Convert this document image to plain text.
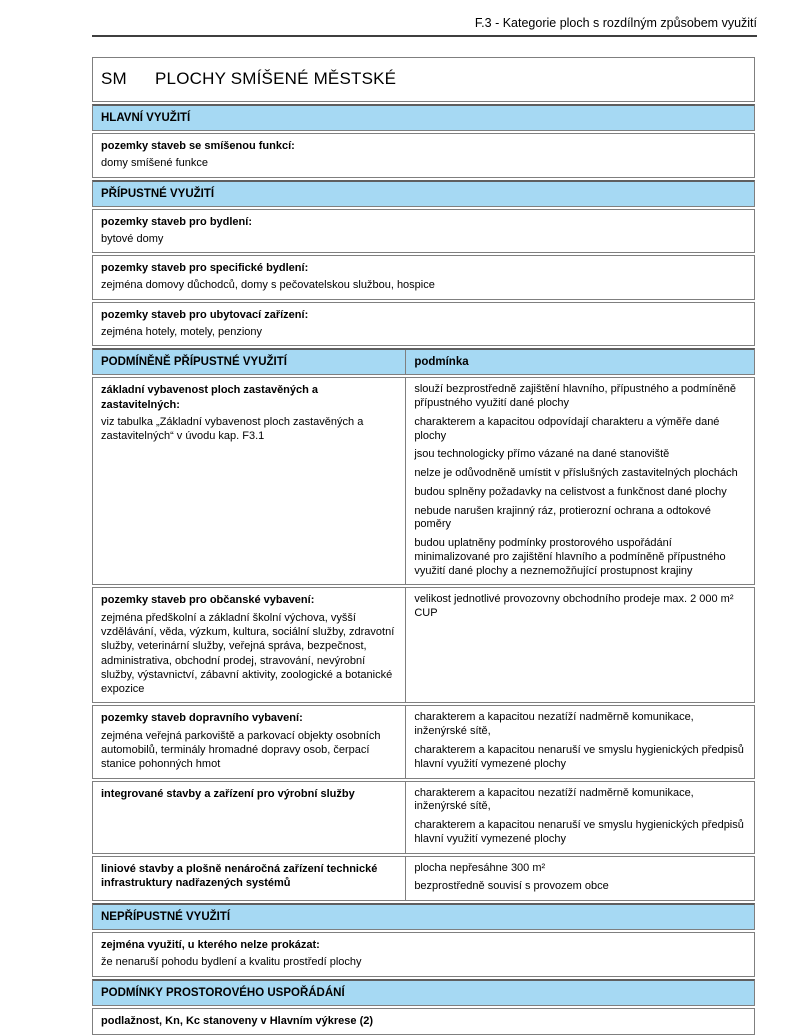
F.3 - Kategorie ploch s rozdílným způsobem využití
SM PLOCHY SMÍŠENÉ MĚSTSKÉ
HLAVNÍ VYUŽITÍ
pozemky staveb se smíšenou funkcí:
domy smíšené funkce
PŘÍPUSTNÉ VYUŽITÍ
pozemky staveb pro bydlení:
bytové domy
pozemky staveb pro specifické bydlení:
zejména domovy důchodců, domy s pečovatelskou službou, hospice
pozemky staveb pro ubytovací zařízení:
zejména hotely, motely, penziony
PODMÍNĚNĚ PŘÍPUSTNÉ VYUŽITÍ	podmínka
základní vybavenost ploch zastavěných a zastavitelných:
viz tabulka „Základní vybavenost ploch zastavěných a zastavitelných“ v úvodu kap. F3.1

slouží bezprostředně zajištění hlavního, přípustného a podmíněně přípustného využití dané plochy

charakterem a kapacitou odpovídají charakteru a výměře dané plochy

jsou technologicky přímo vázané na dané stanoviště

nelze je odůvodněně umístit v příslušných zastavitelných plochách

budou splněny požadavky na celistvost a funkčnost dané plochy

nebude narušen krajinný ráz, protierozní ochrana a odtokové poměry

budou uplatněny podmínky prostorového uspořádání minimalizované pro zajištění hlavního a podmíněně přípustného využití dané plochy a neznemožňující prostupnost krajiny

pozemky staveb pro občanské vybavení:
zejména předškolní a základní školní výchova, vyšší vzdělávání, věda, výzkum, kultura, sociální služby, zdravotní služby, veterinární služby, veřejná správa, bezpečnost, administrativa, obchodní prodej, stravování, nevýrobní služby, výstavnictví, zábavní aktivity, zoologické a botanické expozice

velikost jednotlivé provozovny obchodního prodeje max. 2 000 m² CUP

pozemky staveb dopravního vybavení:
zejména veřejná parkoviště a parkovací objekty osobních automobilů, terminály hromadné dopravy osob, čerpací stanice pohonných hmot

charakterem a kapacitou nezatíží nadměrně komunikace, inženýrské sítě,

charakterem a kapacitou nenaruší ve smyslu hygienických předpisů hlavní využití vymezené plochy

integrované stavby a zařízení pro výrobní služby	charakterem a kapacitou nezatíží nadměrně komunikace, inženýrské sítě,

charakterem a kapacitou nenaruší ve smyslu hygienických předpisů hlavní využití vymezené plochy

liniové stavby a plošně nenáročná zařízení technické infrastruktury nadřazených systémů

plocha nepřesáhne 300 m²

bezprostředně souvisí s provozem obce

NEPŘÍPUSTNÉ VYUŽITÍ
zejména využití, u kterého nelze prokázat:
že nenaruší pohodu bydlení a kvalitu prostředí plochy
PODMÍNKY PROSTOROVÉHO USPOŘÁDÁNÍ
podlažnost, Kn, Kc stanoveny v Hlavním výkrese (2)
